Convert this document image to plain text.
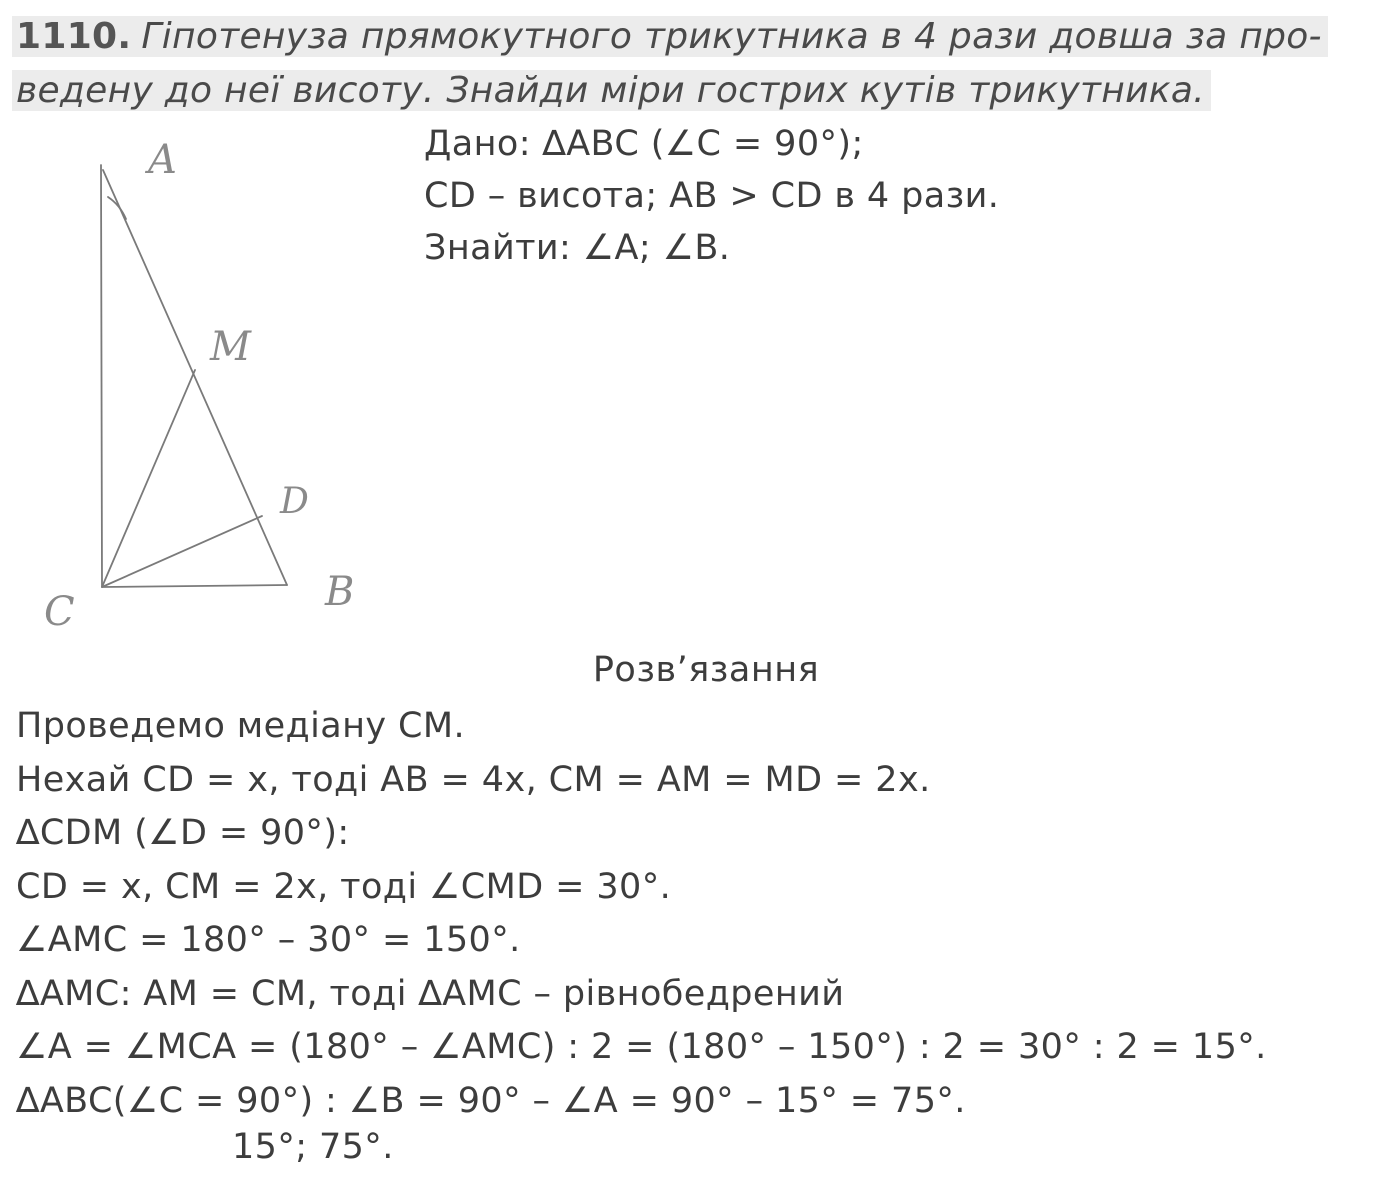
1110. Гіпотенуза прямокутного трикутника в 4 рази довша за про-
ведену до неї висоту. Знайди міри гострих кутів трикутника.
Дано: ∆ABC (∠C = 90°);
CD – висота; AB > CD в 4 рази.
Знайти: ∠A; ∠B.
A
M
D
B
C
Розв’язання
Проведемо медіану CM.
Нехай CD = x, тоді AB = 4x, CM = AM = MD = 2x.
∆CDM (∠D = 90°):
CD = x, CM = 2x, тоді ∠CMD = 30°.
∠AMC = 180° – 30° = 150°.
∆AMC: AM = CM, тоді ∆AMC – рівнобедрений
∠A = ∠MCA = (180° – ∠AMC) : 2 = (180° – 150°) : 2 = 30° : 2 = 15°.
∆ABC(∠C = 90°) : ∠B = 90° – ∠A = 90° – 15° = 75°.
15°; 75°.
